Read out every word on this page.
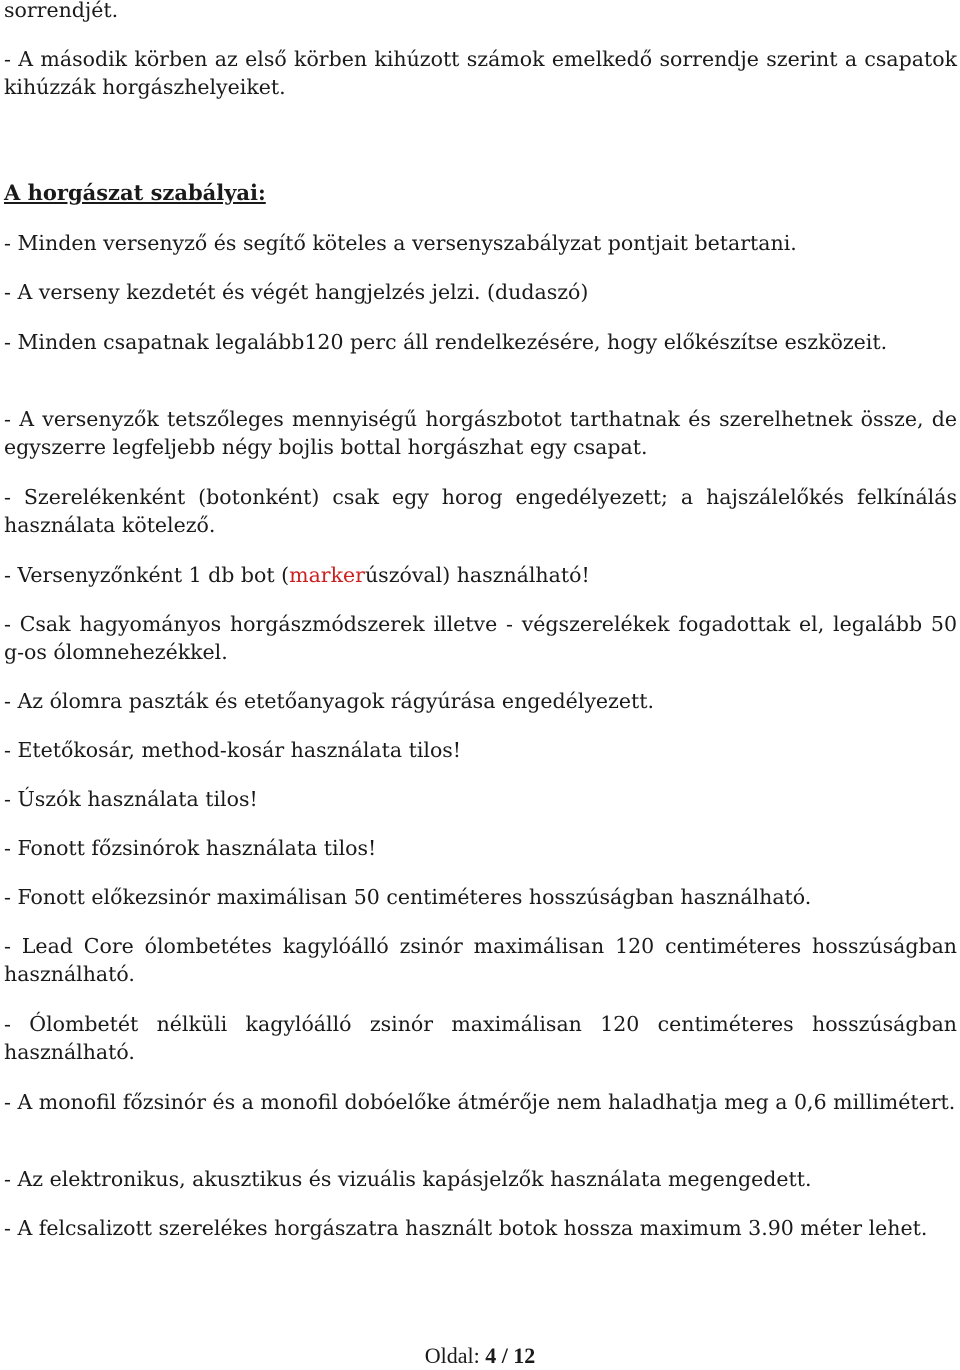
sorrendjét.

- A második körben az első körben kihúzott számok emelkedő sorrendje szerint a csapatok kihúzzák horgászhelyeiket.

A horgászat szabályai:

- Minden versenyző és segítő köteles a versenyszabályzat pontjait betartani.

- A verseny kezdetét és végét hangjelzés jelzi. (dudaszó)

- Minden csapatnak legalább120 perc áll rendelkezésére, hogy előkészítse eszközeit.

- A versenyzők tetszőleges mennyiségű horgászbotot tarthatnak és szerelhetnek össze, de egyszerre legfeljebb négy bojlis bottal horgászhat egy csapat.

- Szerelékenként (botonként) csak egy horog engedélyezett; a hajszálelőkés felkínálás használata kötelező.

- Versenyzőnként 1 db bot (markerúszóval) használható!

- Csak hagyományos horgászmódszerek illetve - végszerelékek fogadottak el, legalább 50 g-os ólomnehezékkel.

- Az ólomra paszták és etetőanyagok rágyúrása engedélyezett.

- Etetőkosár, method-kosár használata tilos!

- Úszók használata tilos!

- Fonott főzsinórok használata tilos!

- Fonott előkezsinór maximálisan 50 centiméteres hosszúságban használható.

- Lead Core ólombetétes kagylóálló zsinór maximálisan 120 centiméteres hosszúságban használható.

- Ólombetét nélküli kagylóálló zsinór maximálisan 120 centiméteres hosszúságban használható.

- A monofil főzsinór és a monofil dobóelőke átmérője nem haladhatja meg a 0,6 millimétert.

- Az elektronikus, akusztikus és vizuális kapásjelzők használata megengedett.

- A felcsalizott szerelékes horgászatra használt botok hossza maximum 3.90 méter lehet.

Oldal: 4 / 12
